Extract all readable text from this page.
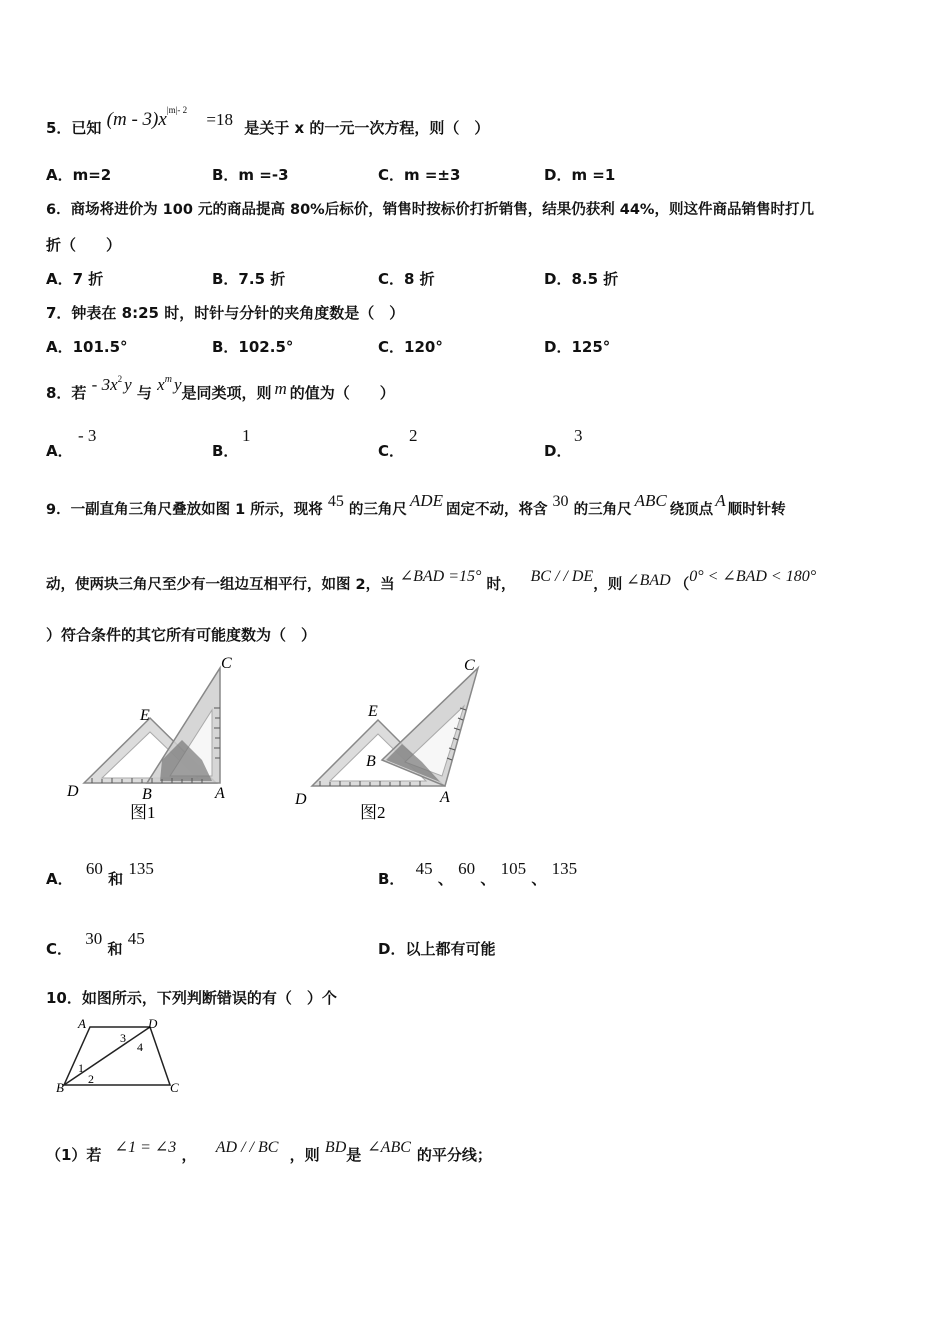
5．已知 $(m - 3)x^{|m|- 2} =18$ 是关于 x 的一元一次方程，则（　）
A．m=2	B．m =-3	C．m =±3	D．m =1
6．商场将进价为 100 元的商品提高 80%后标价，销售时按标价打折销售，结果仍获利 44%，则这件商品销售时打几
折（　　）
A．7 折	B．7.5 折	C．8 折	D．8.5 折
7．钟表在 8:25 时，时针与分针的夹角度数是（　）
A．101.5°	B．102.5°	C．120°	D．125°
8．若 - $3x^2$ y 与 $x^m$ y是同类项，则 m 的值为（　　）
A．
- 3
B．
1
C．
2
D．
3
9．一副直角三角尺叠放如图 1 所示，现将 45 的三角尺 ADE 固定不动，将含 30 的三角尺 ABC 绕顶点 A 顺时针转
动，使两块三角尺至少有一组边互相平行，如图 2，当 ∠BAD =15° 时， BC / / DE，则 ∠BAD （0° < ∠BAD < 180°
）符合条件的其它所有可能度数为（　）
E
C
D	B	A
图1
E
C
D
B
A
图2
A． 60 和 135
B． 45 、 60 、 105 、 135
C． 30 和 45
D．以上都有可能
10．如图所示，下列判断错误的有（　）个
A	D
B	C
1
2
3
4
（1）若 ∠1 = ∠3 ， AD / / BC ，则 BD是 ∠ABC 的平分线；
